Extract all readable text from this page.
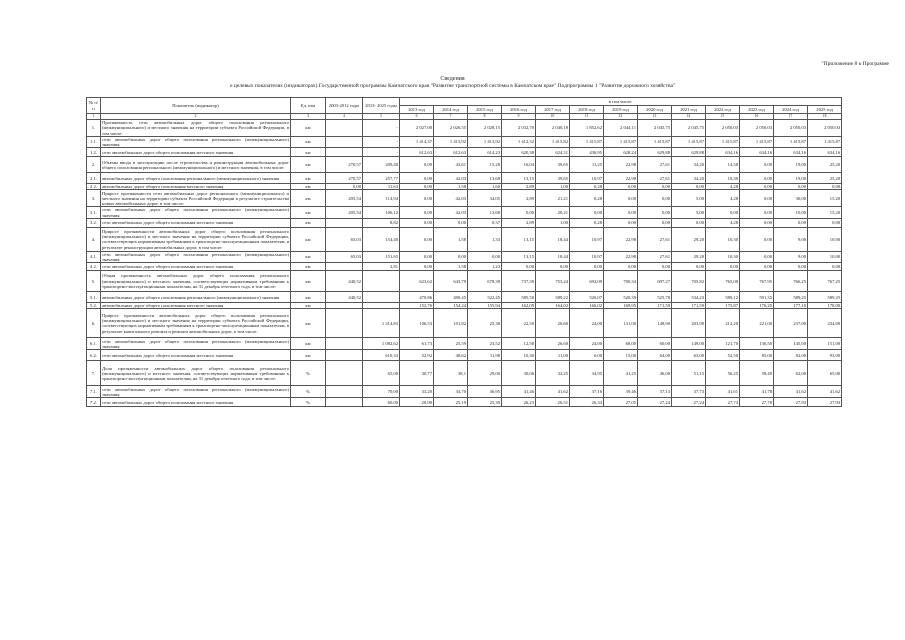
"Приложение 8 к Программе
Сведения
о целевых показателях (индикаторах) Государственной программы Камчатского края "Развитие транспортной системы в Камчатском крае" Подпрограммы 1 "Развитие дорожного хозяйства"
№ п/п	Показатель (индикатор)	Ед. изм	2003-2012 годы	2013- 2025 годы	в том числе:												
					2013 год	2014 год	2015 год	2016 год	2017 год	2018 год	2019 год	2020 год	2021 год	2022 год	2023 год	2024 год	2025 год
1	2	3	4	5	6	7	8	9	10	11	12	13	14	15	16	17	18
1.	Протяженность сети автомобильных дорог общего пользования регионального (межмуниципального) и местного значения на территории субъекта Российской Федерации, в том числе:	км		-	2 027,00	2 026,55	2 028,15	2 032,70	2 040,18	1 852,62	2 044,11	2 045,75	2 045,75	2 050,03	2 050,03	2 050,03	2 050,03
1.1.	сети автомобильных дорог общего пользования регионального (межмуниципального) значения	км		-	1 414,37	1 413,92	1 413,92	1 412,32	1 415,82	1 415,87	1 415,87	1 415,87	1 415,87	1 415,87	1 415,87	1 415,87	1 415,87
1.2.	сети автомобильных дорог общего пользования местного значения	км		-	612,63	612,63	614,23	620,38	624,31	436,95	628,24	629,88	629,88	634,16	634,16	634,16	634,16
2.	Объемы ввода в эксплуатацию после строительства и реконструкции автомобильных дорог общего пользования регионального (межмуниципального) и местного значения, в том числе:	км	270,57	209,40	0,00	43,61	15,28	16,04	39,65	11,25	22,98	27,61	34,20	14,58	0,00	19,00	25,20
2.1.	автомобильных дорог общего пользования регионального (межмуниципального) значения	км	270,57	257,77	0,00	42,03	13,68	13,15	39,65	10,97	22,98	27,61	34,20	10,30	0,00	19,00	25,20
2.2.	автомобильных дорог общего пользования местного значения	км	0,00	11,63	0,00	1,58	1,60	2,89	1,00	0,28	0,00	0,00	0,00	4,28	0,00	0,00	0,00
3.	Прирост протяженности сети автомобильных дорог регионального (межмуниципального) и местного значения на территории субъекта Российской Федерации в результате строительства новых автомобильных дорог, в том числе:	км	205,54	114,94	0,00	42,03	34,05	2,89	21,21	0,28	0,00	0,00	5,00	4,28	0,00	30,00	15,20
3.1.	сети автомобильных дорог общего пользования регионального (межмуниципального) значения	км	205,54	106,12	0,00	42,03	13,68	0,00	20,21	0,00	0,00	0,00	5,00	0,00	0,00	10,00	15,20
3.2.	сети автомобильных дорог общего пользования местного значения	км		8,82	0,00	0,00	0,37	2,89	1,00	0,28	0,00	0,00	0,00	4,28	0,00	0,00	0,00
4.	Прирост протяженности автомобильных дорог общего пользования регионального (межмуниципального) и местного значения на территории субъекта Российской Федерации, соответствующих нормативным требованиям к транспортно-эксплуатационным показателям, в результате реконструкции автомобильных дорог, в том числе:	км	65,03	154,40	0,00	1,58	1,33	13,15	18,44	10,97	22,98	27,61	29,20	10,30	0,00	9,00	10,00
4.1.	сети автомобильных дорог общего пользования регионального (межмуниципального) значения	км	65,03	151,65	0,00	0,00	0,00	13,15	18,44	10,97	22,98	27,61	29,20	10,30	0,00	9,00	10,00
4.2.	сети автомобильных дорог общего пользования местного значения	км		2,81	0,00	1,58	1,23	0,00	0,00	0,00	0,00	0,00	0,00	0,00	0,00	0,00	0,00
5.	Общая протяженность автомобильных дорог общего пользования регионального (межмуниципального) и местного значения, соответствующих нормативным требованиям к транспортно-эксплуатационным показателям, на 31 декабря отчетного года, в том числе:	км	440,52		623,62	643,79	678,39	737,39	753,24	692,09	700,34	697,27	705,82	765,00	767,95	766,25	767,25
5.1.	автомобильных дорог общего пользования регионального (межмуниципального) значения	км	440,52		470,86	490,45	522,45	585,50	589,22	526,07	520,39	525,78	534,23	589,12	591,35	589,25	589,25
5.2.	автомобильных дорог общего пользования местного значения	км			152,76	154,24	155,94	162,09	164,02	166,02	169,95	171,59	171,59	175,87	176,20	177,10	178,00
6.	Прирост протяженности автомобильных дорог общего пользования регионального (межмуниципального) и местного значения на территории субъекта Российской Федерации, соответствующих нормативным требованиям к транспортно-эксплуатационным показателям, в результате капитального ремонта и ремонта автомобильных дорог, в том числе:	км		1 314,83	106,53	101,82	25,38	22,50	26,60	24,00	131,00	148,90	203,90	212,20	221,00	237,00	234,00
6.1.	сети автомобильных дорог общего пользования регионального (межмуниципального) значения	км		1 082,62	61,73	25,59	23,52	12,58	26,60	24,00	68,00	60,00	149,00	121,70	136,50	145,00	151,00
6.2.	сети автомобильных дорог общего пользования местного значения	км		610,33	52,92	48,62	11,98	10,30	11,00	0,00	15,00	64,00	63,00	52,50	85,00	92,00	93,00
7.	Доля протяженности автомобильных дорог общего пользования регионального (межмуниципального) и местного значения, соответствующих нормативным требованиям к транспортно-эксплуатационным показателям, на 31 декабря отчетного года, в том числе:	%		65,00	30,77	38,1	29,00	30,06	32,25	34,95	41,25	46,00	51,15	56,25	58,40	62,00	65,00
7.1.	сети автомобильных дорог общего пользования регионального (межмуниципального) значения	%		70,00	33,20	34,70	36,95	41,46	41,62	37,16	39,46	37,13	37,73	41,61	41,78	41,62	41,62
7.2.	сети автомобильных дорог общего пользования местного значения	%		60,00	20,90	25,19	25,39	26,23	26,51	26,33	27,05	27,24	27,24	27,73	27,78	27,93	27,93
